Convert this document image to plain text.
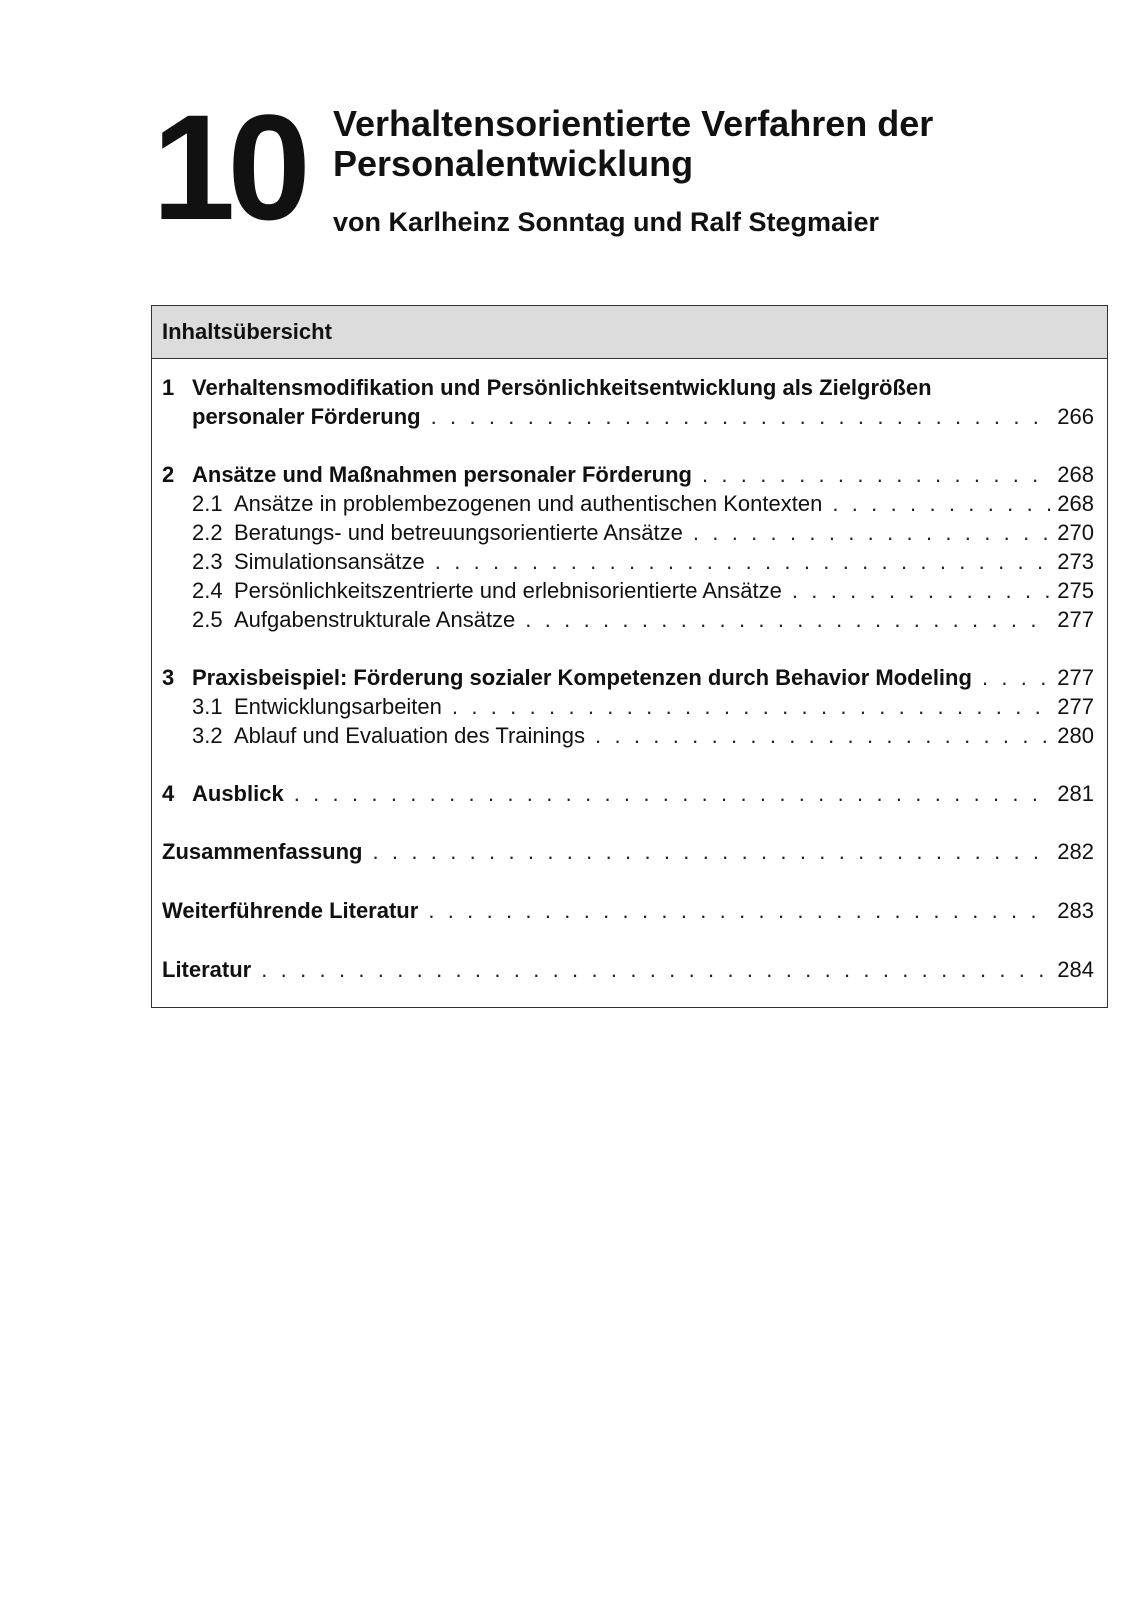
10 Verhaltensorientierte Verfahren der Personalentwicklung
von Karlheinz Sonntag und Ralf Stegmaier
Inhaltsübersicht
1 Verhaltensmodifikation und Persönlichkeitsentwicklung als Zielgrößen
personaler Förderung . . .	266
2 Ansätze und Maßnahmen personaler Förderung . . .	268
2.1 Ansätze in problembezogenen und authentischen Kontexten . . .	268
2.2 Beratungs- und betreuungsorientierte Ansätze . . .	270
2.3 Simulationsansätze . . .	273
2.4 Persönlichkeitszentrierte und erlebnisorientierte Ansätze . . .	275
2.5 Aufgabenstrukturale Ansätze . . .	277
3 Praxisbeispiel: Förderung sozialer Kompetenzen durch Behavior Modeling . . .	277
3.1 Entwicklungsarbeiten . . .	277
3.2 Ablauf und Evaluation des Trainings . . .	280
4 Ausblick . . .	281
Zusammenfassung . . .	282
Weiterführende Literatur . . .	283
Literatur . . .	284
